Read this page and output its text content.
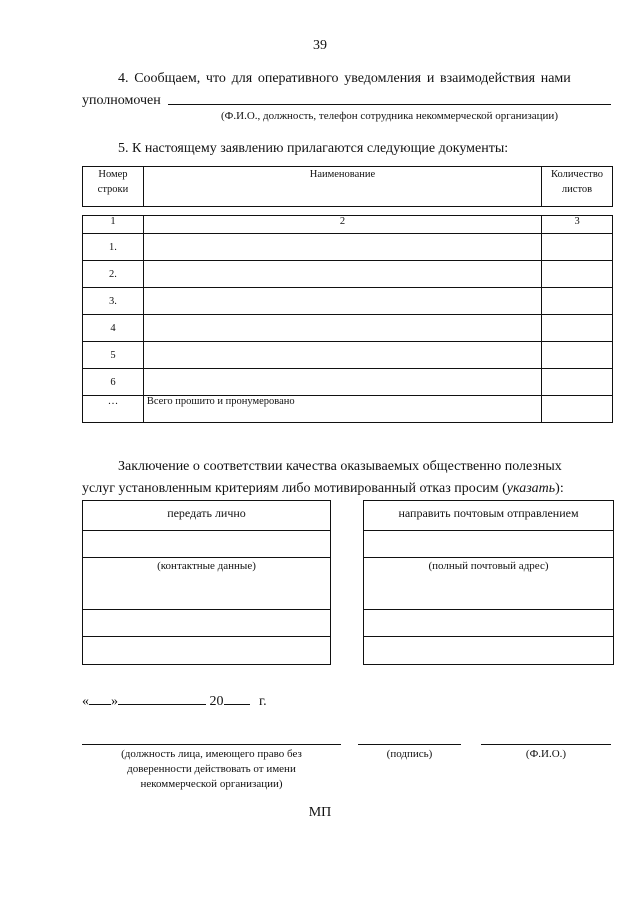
39
4. Сообщаем, что для оперативного уведомления и взаимодействия нами
уполномочен
(Ф.И.О., должность, телефон сотрудника некоммерческой организации)
5. К настоящему заявлению прилагаются следующие документы:
Номер
строки	Наименование	Количество
листов
1	2	3
1.		
2.		
3.		
4		
5		
6		
…	Всего прошито и пронумеровано	
Заключение о соответствии качества оказываемых общественно полезных
услуг установленным критериям либо мотивированный отказ просим (указать):
передать лично
(контактные данные)
направить почтовым отправлением
(полный почтовый адрес)
« »	20	г.
(должность лица, имеющего право без
доверенности действовать от имени
некоммерческой организации)
(подпись)	(Ф.И.О.)
МП
